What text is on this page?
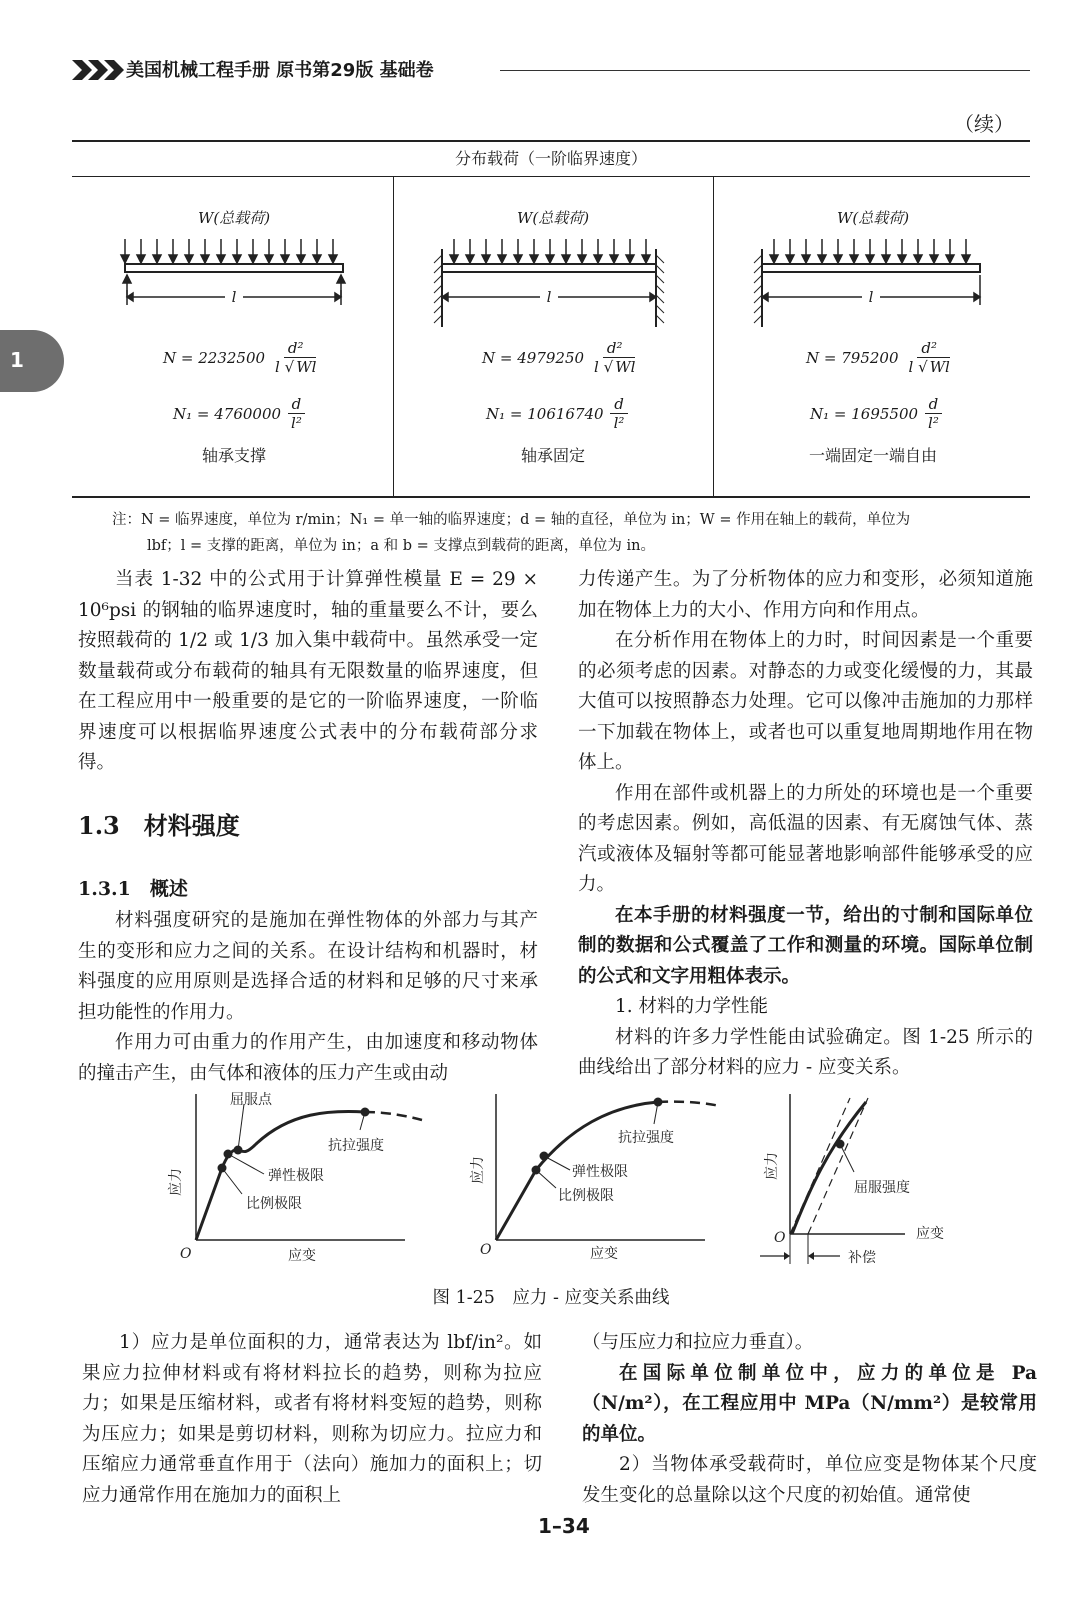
美国机械工程手册 原书第29版 基础卷
（续）
1
分布载荷（一阶临界速度）
W(总载荷)
l
$N = 2232500 \frac{\text{d²}}{l √ Wl}$
$N_1 = 4760000 \frac{d}{\text{l²}}$
轴承支撑
W(总载荷)
l
$N = 4979250 \frac{\text{d²}}{l √ Wl}$
$N_1 = 10616740 \frac{d}{\text{l²}}$
轴承固定
W(总载荷)
l
$N = 795200 \frac{\text{d²}}{l √ Wl}$
$N_1 = 1695500 \frac{d}{\text{l²}}$
一端固定一端自由
注：N = 临界速度，单位为 r/min；N₁ = 单一轴的临界速度；d = 轴的直径，单位为 in；W = 作用在轴上的载荷，单位为
lbf；l = 支撑的距离，单位为 in；a 和 b = 支撑点到载荷的距离，单位为 in。

当表 1-32 中的公式用于计算弹性模量 E = 29 × 10⁶psi 的钢轴的临界速度时，轴的重量要么不计，要么按照载荷的 1/2 或 1/3 加入集中载荷中。虽然承受一定数量载荷或分布载荷的轴具有无限数量的临界速度，但在工程应用中一般重要的是它的一阶临界速度，一阶临界速度可以根据临界速度公式表中的分布载荷部分求得。

1.3　材料强度
1.3.1　概述

材料强度研究的是施加在弹性物体的外部力与其产生的变形和应力之间的关系。在设计结构和机器时，材料强度的应用原则是选择合适的材料和足够的尺寸来承担功能性的作用力。

作用力可由重力的作用产生，由加速度和移动物体的撞击产生，由气体和液体的压力产生或由动

力传递产生。为了分析物体的应力和变形，必须知道施加在物体上力的大小、作用方向和作用点。

在分析作用在物体上的力时，时间因素是一个重要的必须考虑的因素。对静态的力或变化缓慢的力，其最大值可以按照静态力处理。它可以像冲击施加的力那样一下加载在物体上，或者也可以重复地周期地作用在物体上。

作用在部件或机器上的力所处的环境也是一个重要的考虑因素。例如，高低温的因素、有无腐蚀气体、蒸汽或液体及辐射等都可能显著地影响部件能够承受的应力。

在本手册的材料强度一节，给出的寸制和国际单位制的数据和公式覆盖了工作和测量的环境。国际单位制的公式和文字用粗体表示。

1. 材料的力学性能

材料的许多力学性能由试验确定。图 1-25 所示的曲线给出了部分材料的应力 - 应变关系。

屈服点
抗拉强度
弹性极限
比例极限
应力
应变
O
抗拉强度
弹性极限
比例极限
应力
应变
O
屈服强度
应力
应变
O
补偿
图 1-25　应力 - 应变关系曲线

1）应力是单位面积的力，通常表达为 lbf/in²。如果应力拉伸材料或有将材料拉长的趋势，则称为拉应力；如果是压缩材料，或者有将材料变短的趋势，则称为压应力；如果是剪切材料，则称为切应力。拉应力和压缩应力通常垂直作用于（法向）施加力的面积上；切应力通常作用在施加力的面积上

（与压应力和拉应力垂直）。

在国际单位制单位中，应力的单位是 Pa（N/m²），在工程应用中 MPa（N/mm²）是较常用的单位。

2）当物体承受载荷时，单位应变是物体某个尺度发生变化的总量除以这个尺度的初始值。通常使

1–34
